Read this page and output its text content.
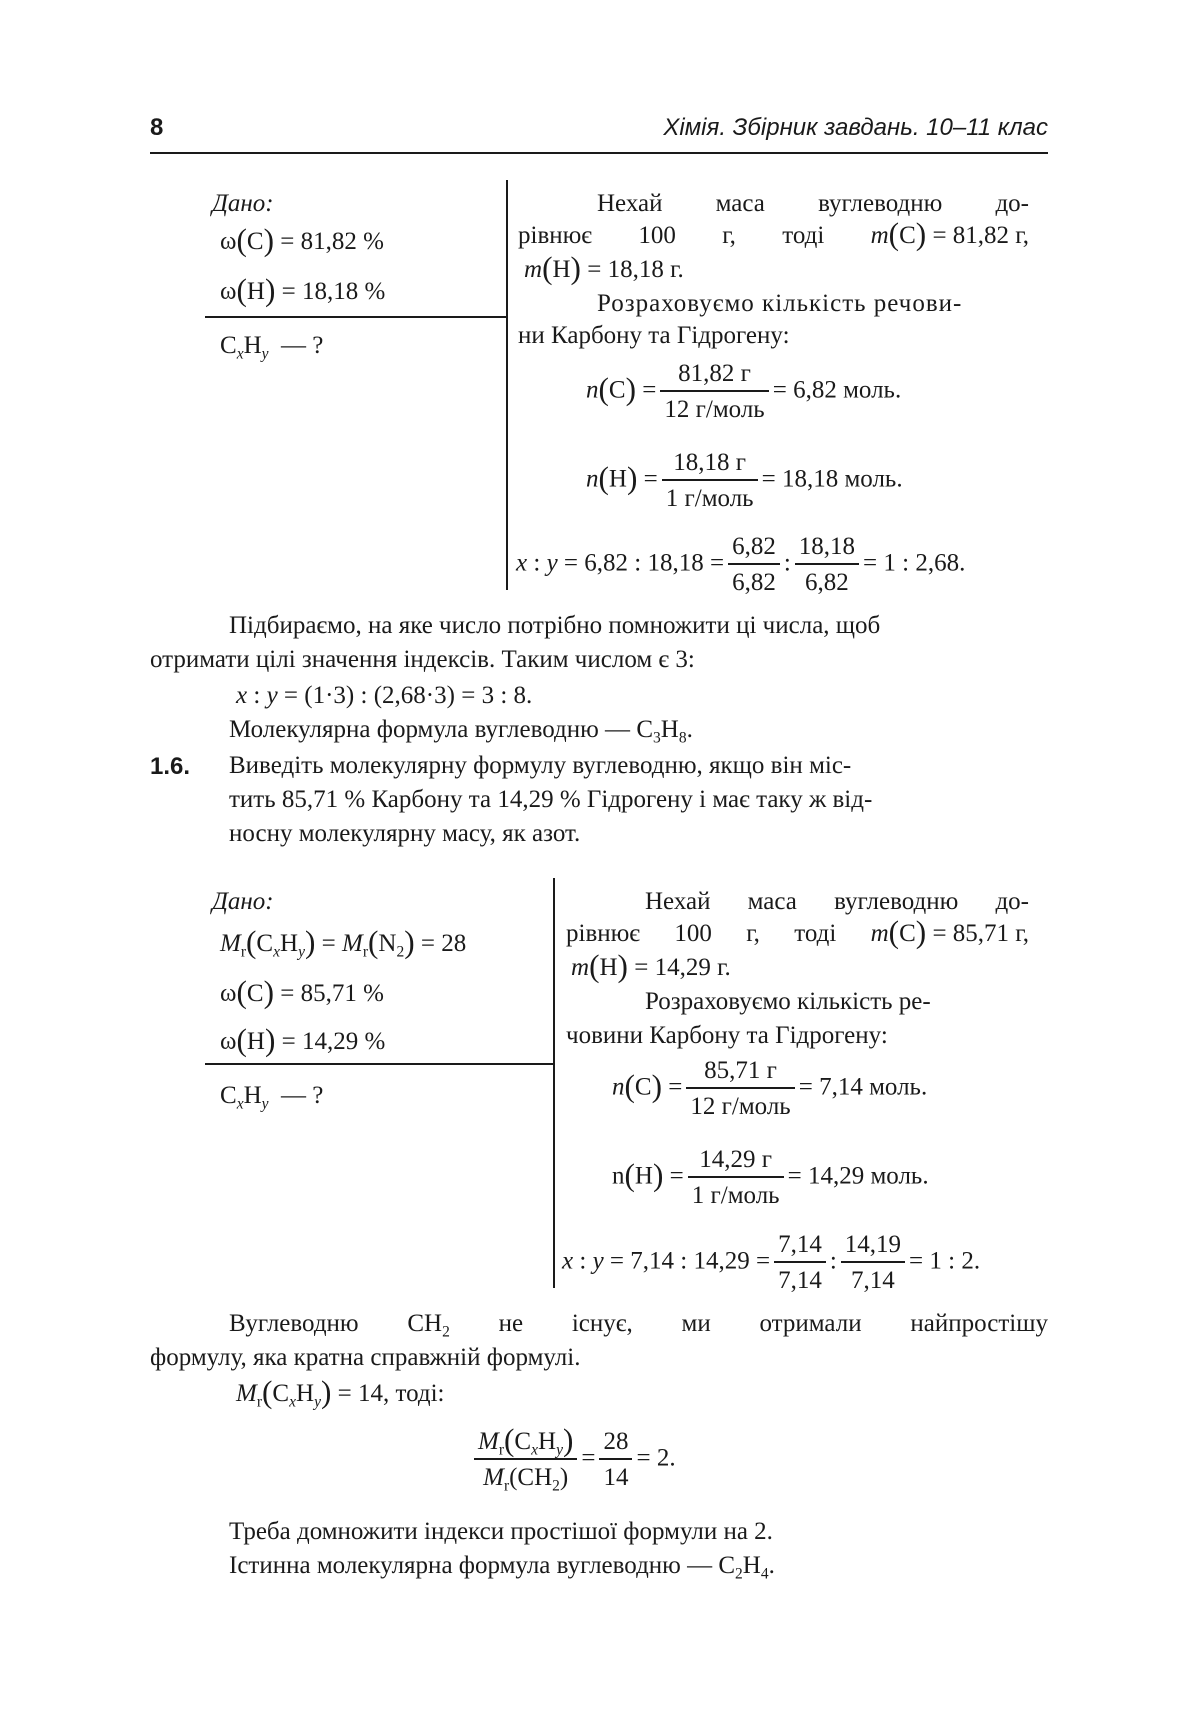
8	Хімія. Збірник завдань. 10–11 клас
Дано:
ω(C) = 81,82 %
ω(H) = 18,18 %
$C_xH_y$ — ?
Нехай маса вуглеводню до-
рівнює 100 г, тоді m(C) = 81,82 г,
m(H) = 18,18 г.
Розраховуємо кількість речови-
ни Карбону та Гідрогену:
$n(C) = \frac{81,82 г}{\text{12 г/моль}} = 6,82$ моль.
$n(H) = \frac{18,18 г}{\text{1 г/моль}} = 18,18$ моль.
x : y = 6,82 : $18,18 = \frac{6,82}{6,82}$ : $\frac{18,18}{6,82} = 1$ : 2,68.
Підбираємо, на яке число потрібно помножити ці числа, щоб
отримати цілі значення індексів. Таким числом є 3:
x : y = (1·3) : (2,68·3) = 3 : 8.
Молекулярна формула вуглеводню — $C_3H_8$.
1.6. Виведіть молекулярну формулу вуглеводню, якщо він міс-
тить 85,71 % Карбону та 14,29 % Гідрогену і має таку ж від-
носну молекулярну масу, як азот.
Дано:
$M_r(C_xH_y) = M_r(N_2) = 28$
ω(C) = 85,71 %
ω(H) = 14,29 %
$C_xH_y$ — ?
Нехай маса вуглеводню до-
рівнює 100 г, тоді m(C) = 85,71 г,
m(H) = 14,29 г.
Розраховуємо кількість ре-
човини Карбону та Гідрогену:
$n(C) = \frac{85,71 г}{\text{12 г/моль}} = 7,14$ моль.
$n(H) = \frac{14,29 г}{\text{1 г/моль}} = 14,29$ моль.
x : y = 7,14 : $14,29 = \frac{7,14}{7,14}$ : $\frac{14,19}{7,14} = 1$ : 2.
Вуглеводню $CH_2$ не існує, ми отримали найпростішу
формулу, яка кратна справжній формулі.
$M_r(C_xH_y) = 14$, тоді:
$\frac{M_r(C_xH_y)}{M_r(CH_2)} = \frac{28}{14} = 2$.
Треба домножити індекси простішої формули на 2.
Істинна молекулярна формула вуглеводню — $C_2H_4$.
